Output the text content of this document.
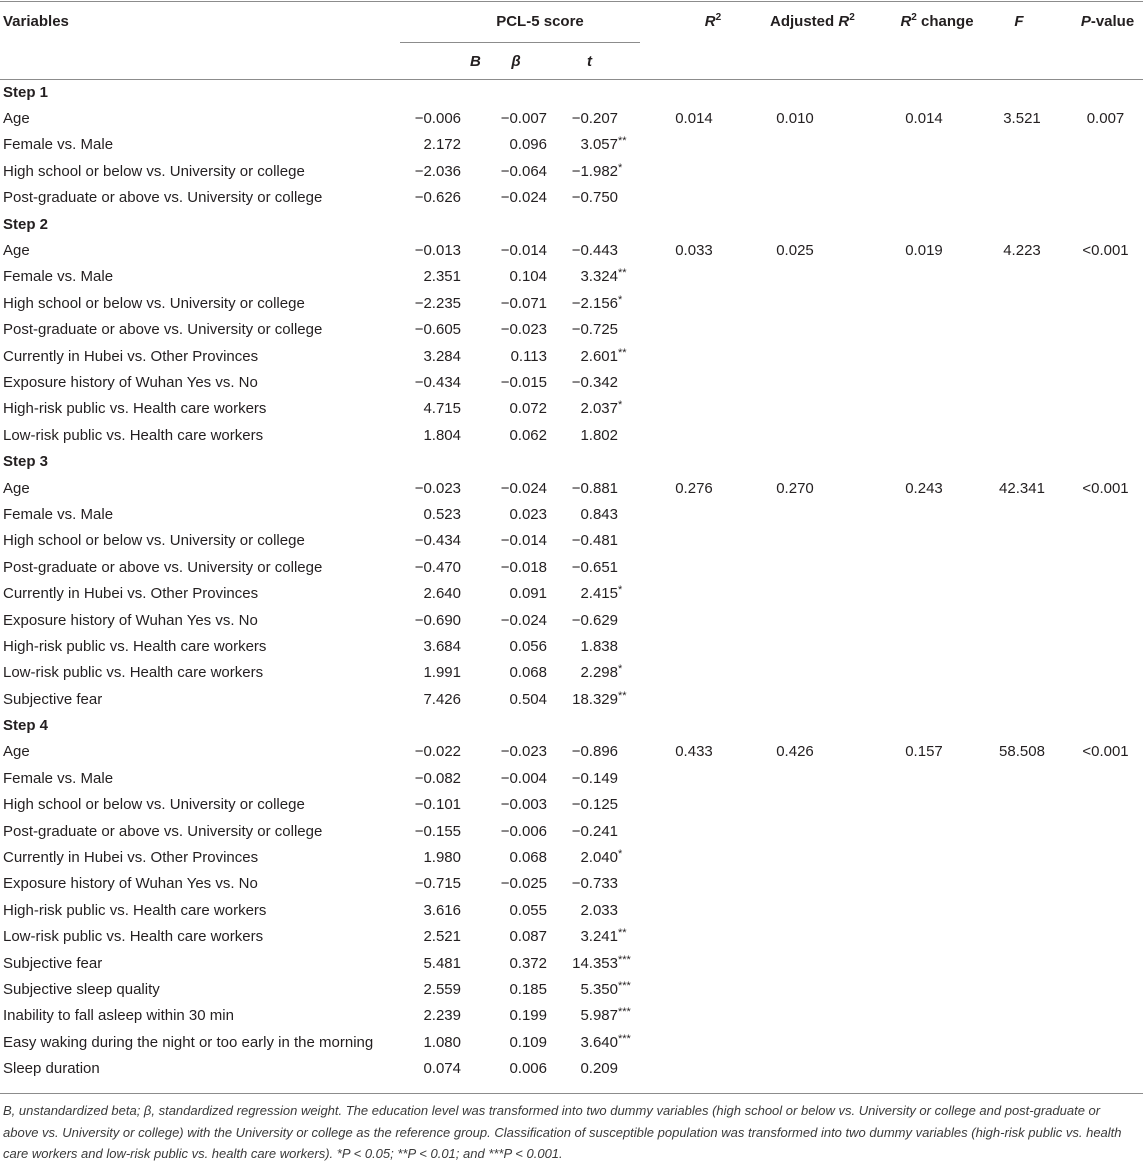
Variables	PCL-5 score			$R^2$	Adjusted $R^2$	$R^2$ change	F	P-value
	B	β	t					
Step 1								
Age	−0.006	−0.007	−0.207	0.014	0.010	0.014	3.521	0.007
Female vs. Male	2.172	0.096	3.057**					
High school or below vs. University or college	−2.036	−0.064	−1.982*					
Post-graduate or above vs. University or college	−0.626	−0.024	−0.750					
Step 2								
Age	−0.013	−0.014	−0.443	0.033	0.025	0.019	4.223	<0.001
Female vs. Male	2.351	0.104	3.324**					
High school or below vs. University or college	−2.235	−0.071	−2.156*					
Post-graduate or above vs. University or college	−0.605	−0.023	−0.725					
Currently in Hubei vs. Other Provinces	3.284	0.113	2.601**					
Exposure history of Wuhan Yes vs. No	−0.434	−0.015	−0.342					
High-risk public vs. Health care workers	4.715	0.072	2.037*					
Low-risk public vs. Health care workers	1.804	0.062	1.802					
Step 3								
Age	−0.023	−0.024	−0.881	0.276	0.270	0.243	42.341	<0.001
Female vs. Male	0.523	0.023	0.843					
High school or below vs. University or college	−0.434	−0.014	−0.481					
Post-graduate or above vs. University or college	−0.470	−0.018	−0.651					
Currently in Hubei vs. Other Provinces	2.640	0.091	2.415*					
Exposure history of Wuhan Yes vs. No	−0.690	−0.024	−0.629					
High-risk public vs. Health care workers	3.684	0.056	1.838					
Low-risk public vs. Health care workers	1.991	0.068	2.298*					
Subjective fear	7.426	0.504	18.329**					
Step 4								
Age	−0.022	−0.023	−0.896	0.433	0.426	0.157	58.508	<0.001
Female vs. Male	−0.082	−0.004	−0.149					
High school or below vs. University or college	−0.101	−0.003	−0.125					
Post-graduate or above vs. University or college	−0.155	−0.006	−0.241					
Currently in Hubei vs. Other Provinces	1.980	0.068	2.040*					
Exposure history of Wuhan Yes vs. No	−0.715	−0.025	−0.733					
High-risk public vs. Health care workers	3.616	0.055	2.033					
Low-risk public vs. Health care workers	2.521	0.087	3.241**					
Subjective fear	5.481	0.372	14.353***					
Subjective sleep quality	2.559	0.185	5.350***					
Inability to fall asleep within 30 min	2.239	0.199	5.987***					
Easy waking during the night or too early in the morning	1.080	0.109	3.640***					
Sleep duration	0.074	0.006	0.209					
B, unstandardized beta; β, standardized regression weight. The education level was transformed into two dummy variables (high school or below vs. University or college and post-graduate or above vs. University or college) with the University or college as the reference group. Classification of susceptible population was transformed into two dummy variables (high-risk public vs. health care workers and low-risk public vs. health care workers). *P < 0.05; **P < 0.01; and ***P < 0.001.
